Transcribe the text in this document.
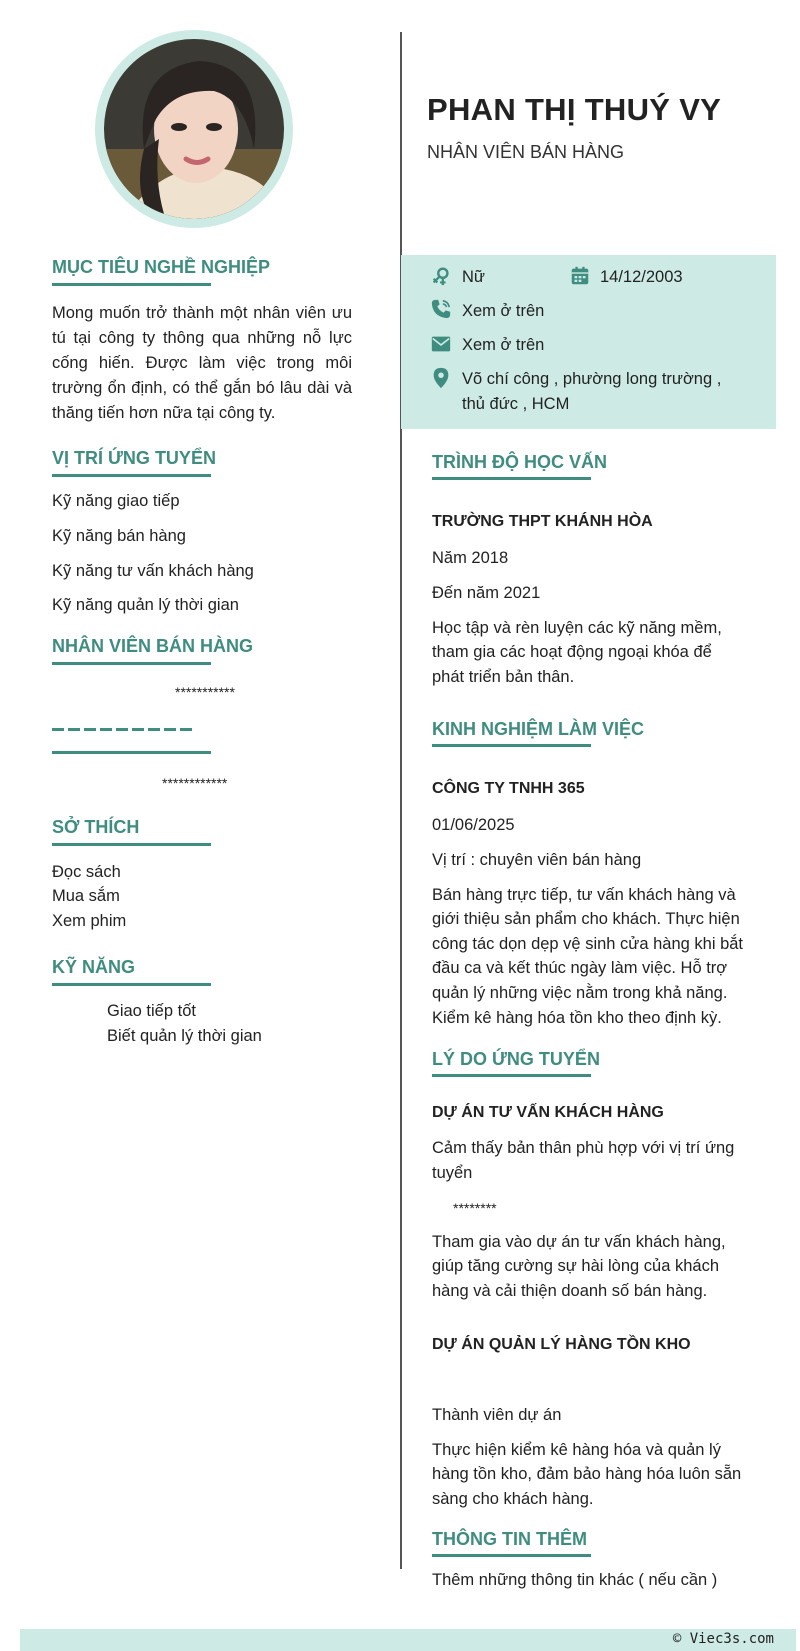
PHAN THỊ THUÝ VY
NHÂN VIÊN BÁN HÀNG
MỤC TIÊU NGHỀ NGHIỆP
Mong muốn trở thành một nhân viên ưu tú tại công ty thông qua những nỗ lực cống hiến. Được làm việc trong môi trường ổn định, có thể gắn bó lâu dài và thăng tiến hơn nữa tại công ty.
VỊ TRÍ ỨNG TUYỂN
Kỹ năng giao tiếp
Kỹ năng bán hàng
Kỹ năng tư vấn khách hàng
Kỹ năng quản lý thời gian
NHÂN VIÊN BÁN HÀNG
***********
************
SỞ THÍCH
Đọc sách
Mua sắm
Xem phim
KỸ NĂNG
Giao tiếp tốt
Biết quản lý thời gian
Nữ	14/12/2003
Xem ở trên
Xem ở trên
Võ chí công , phường long trường ,
thủ đức , HCM
TRÌNH ĐỘ HỌC VẤN
TRƯỜNG THPT KHÁNH HÒA
Năm 2018
Đến năm 2021
Học tập và rèn luyện các kỹ năng mềm,
tham gia các hoạt động ngoại khóa để
phát triển bản thân.
KINH NGHIỆM LÀM VIỆC
CÔNG TY TNHH 365
01/06/2025
Vị trí : chuyên viên bán hàng
Bán hàng trực tiếp, tư vấn khách hàng và
giới thiệu sản phẩm cho khách. Thực hiện
công tác dọn dẹp vệ sinh cửa hàng khi bắt
đầu ca và kết thúc ngày làm việc. Hỗ trợ
quản lý những việc nằm trong khả năng.
Kiểm kê hàng hóa tồn kho theo định kỳ.
LÝ DO ỨNG TUYỂN
DỰ ÁN TƯ VẤN KHÁCH HÀNG
Cảm thấy bản thân phù hợp với vị trí ứng
tuyển
********
Tham gia vào dự án tư vấn khách hàng,
giúp tăng cường sự hài lòng của khách
hàng và cải thiện doanh số bán hàng.
DỰ ÁN QUẢN LÝ HÀNG TỒN KHO
Thành viên dự án
Thực hiện kiểm kê hàng hóa và quản lý
hàng tồn kho, đảm bảo hàng hóa luôn sẵn
sàng cho khách hàng.
THÔNG TIN THÊM
Thêm những thông tin khác ( nếu cần )
© Viec3s.com
